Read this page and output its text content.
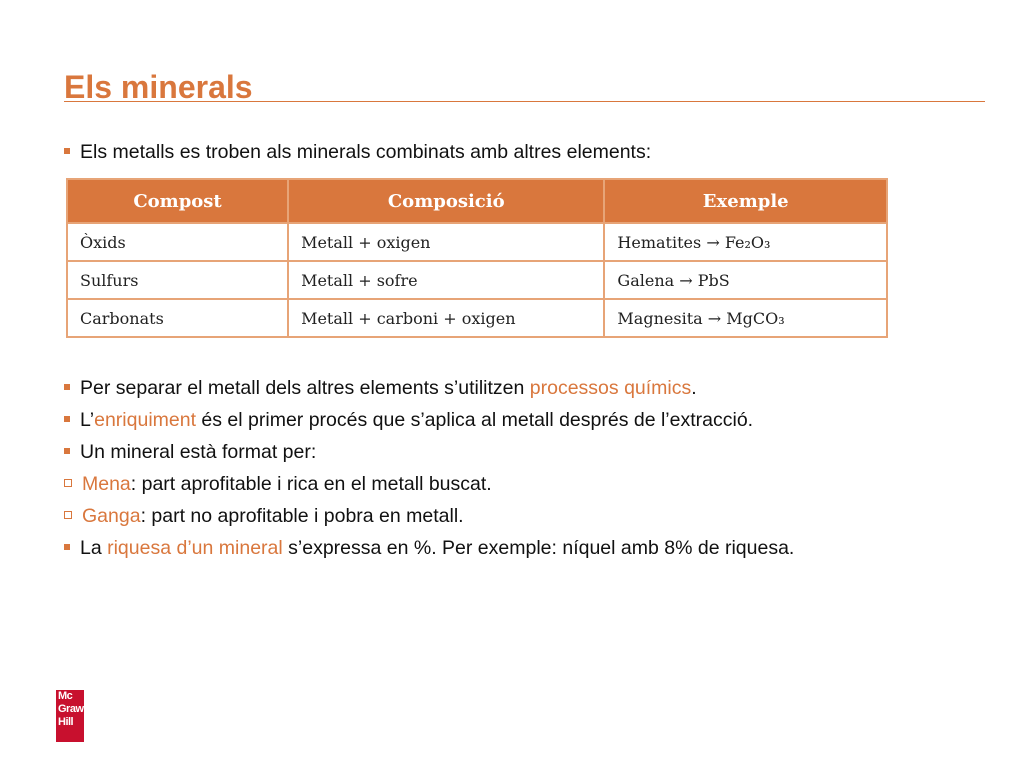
Els minerals
Els metalls es troben als minerals combinats amb altres elements:
Compost	Composició	Exemple
Òxids	Metall + oxigen	Hematites → Fe₂O₃
Sulfurs	Metall + sofre	Galena → PbS
Carbonats	Metall + carboni + oxigen	Magnesita → MgCO₃
Per separar el metall dels altres elements s’utilitzen processos químics.
L’enriquiment és el primer procés que s’aplica al metall després de l’extracció.
Un mineral està format per:
Mena: part aprofitable i rica en el metall buscat.
Ganga: part no aprofitable i pobra en metall.
La riquesa d’un mineral s’expressa en %. Per exemple: níquel amb 8% de riquesa.
Mc
Graw
Hill
